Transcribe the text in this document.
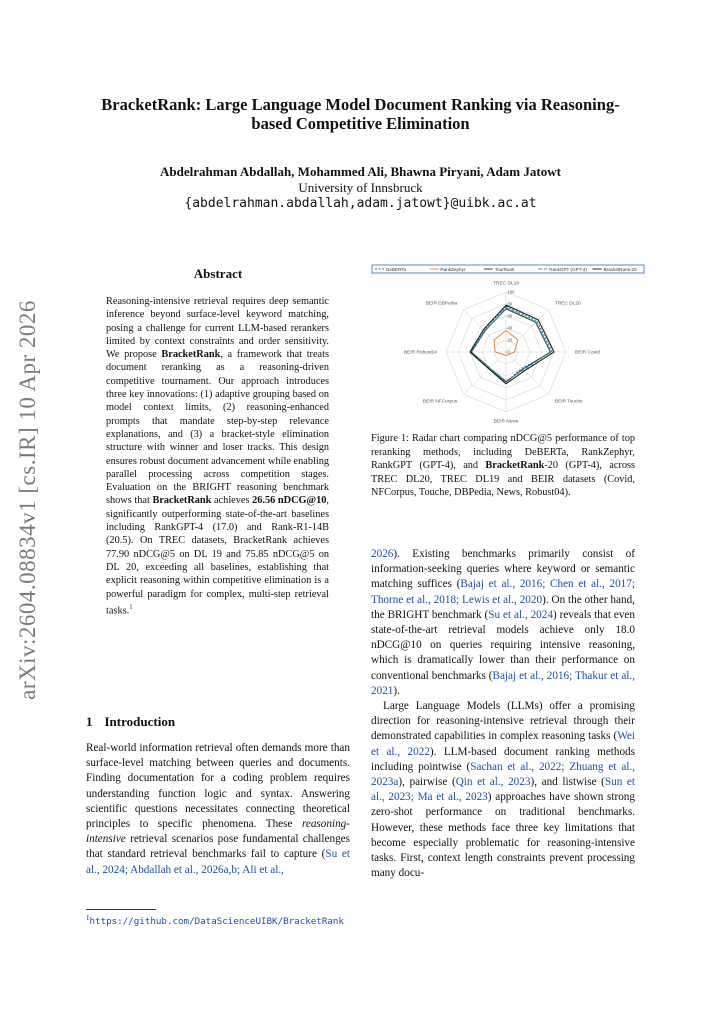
arXiv:2604.08834v1 [cs.IR] 10 Apr 2026
BracketRank: Large Language Model Document Ranking via Reasoning-based Competitive Elimination
Abdelrahman Abdallah, Mohammed Ali, Bhawna Piryani, Adam Jatowt
University of Innsbruck
{abdelrahman.abdallah,adam.jatowt}@uibk.ac.at
Abstract

Reasoning-intensive retrieval requires deep semantic inference beyond surface-level keyword matching, posing a challenge for current LLM-based rerankers limited by context constraints and order sensitivity. We propose BracketRank, a framework that treats document reranking as a reasoning-driven competitive tournament. Our approach introduces three key innovations: (1) adaptive grouping based on model context limits, (2) reasoning-enhanced prompts that mandate step-by-step relevance explanations, and (3) a bracket-style elimination structure with winner and loser tracks. This design ensures robust document advancement while enabling parallel processing across competition stages. Evaluation on the BRIGHT reasoning benchmark shows that BracketRank achieves 26.56 nDCG@10, significantly outperforming state-of-the-art baselines including RankGPT-4 (17.0) and Rank-R1-14B (20.5). On TREC datasets, BracketRank achieves 77.90 nDCG@5 on DL 19 and 75.85 nDCG@5 on DL 20, exceeding all baselines, establishing that explicit reasoning within competitive elimination is a powerful paradigm for complex, multi-step retrieval tasks.$^1$

1 Introduction

Real-world information retrieval often demands more than surface-level matching between queries and documents. Finding documentation for a coding problem requires understanding function logic and syntax. Answering scientific questions necessitates connecting theoretical principles to specific phenomena. These reasoning-intensive retrieval scenarios pose fundamental challenges that standard retrieval benchmarks fail to capture (Su et al., 2024; Abdallah et al., 2026a,b; Ali et al.,

$^1$https://github.com/DataScienceUIBK/BracketRank
DeBERTa	RankZephyr	TourRank	RankGPT (GPT-4)	BracketRank-20
20
40
60
80
100
0
TREC DL19
TREC DL20
BEIR Covid
BEIR Touche
BEIR News
BEIR NFCorpus
BEIR Robust04
BEIR DBPedia
Figure 1: Radar chart comparing nDCG@5 performance of top reranking methods, including DeBERTa, RankZephyr, RankGPT (GPT-4), and BracketRank-20 (GPT-4), across TREC DL20, TREC DL19 and BEIR datasets (Covid, NFCorpus, Touche, DBPedia, News, Robust04).

2026). Existing benchmarks primarily consist of information-seeking queries where keyword or semantic matching suffices (Bajaj et al., 2016; Chen et al., 2017; Thorne et al., 2018; Lewis et al., 2020). On the other hand, the BRIGHT benchmark (Su et al., 2024) reveals that even state-of-the-art retrieval models achieve only 18.0 nDCG@10 on queries requiring intensive reasoning, which is dramatically lower than their performance on conventional benchmarks (Bajaj et al., 2016; Thakur et al., 2021).

Large Language Models (LLMs) offer a promising direction for reasoning-intensive retrieval through their demonstrated capabilities in complex reasoning tasks (Wei et al., 2022). LLM-based document ranking methods including pointwise (Sachan et al., 2022; Zhuang et al., 2023a), pairwise (Qin et al., 2023), and listwise (Sun et al., 2023; Ma et al., 2023) approaches have shown strong zero-shot performance on traditional benchmarks. However, these methods face three key limitations that become especially problematic for reasoning-intensive tasks. First, context length constraints prevent processing many docu-
